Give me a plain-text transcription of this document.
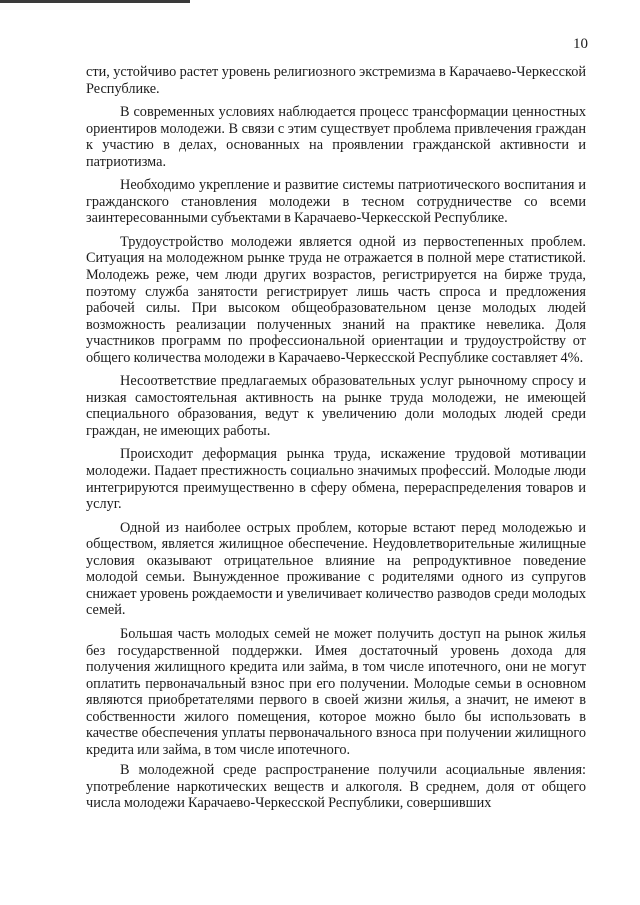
10

сти, устойчиво растет уровень религиозного экстремизма в Карачаево-Черкесской Республике.

В современных условиях наблюдается процесс трансформации ценностных ориентиров молодежи. В связи с этим существует проблема привлечения граждан к участию в делах, основанных на проявлении гражданской активности и патриотизма.

Необходимо укрепление и развитие системы патриотического воспитания и гражданского становления молодежи в тесном сотрудничестве со всеми заинтересованными субъектами в Карачаево-Черкесской Республике.

Трудоустройство молодежи является одной из первостепенных проблем. Ситуация на молодежном рынке труда не отражается в полной мере статистикой. Молодежь реже, чем люди других возрастов, регистрируется на бирже труда, поэтому служба занятости регистрирует лишь часть спроса и предложения рабочей силы. При высоком общеобразовательном цензе молодых людей возможность реализации полученных знаний на практике невелика. Доля участников программ по профессиональной ориентации и трудоустройству от общего количества молодежи в Карачаево-Черкесской Республике составляет 4%.

Несоответствие предлагаемых образовательных услуг рыночному спросу и низкая самостоятельная активность на рынке труда молодежи, не имеющей специального образования, ведут к увеличению доли молодых людей среди граждан, не имеющих работы.

Происходит деформация рынка труда, искажение трудовой мотивации молодежи. Падает престижность социально значимых профессий. Молодые люди интегрируются преимущественно в сферу обмена, перераспределения товаров и услуг.

Одной из наиболее острых проблем, которые встают перед молодежью и обществом, является жилищное обеспечение. Неудовлетворительные жилищные условия оказывают отрицательное влияние на репродуктивное поведение молодой семьи. Вынужденное проживание с родителями одного из супругов снижает уровень рождаемости и увеличивает количество разводов среди молодых семей.

Большая часть молодых семей не может получить доступ на рынок жилья без государственной поддержки. Имея достаточный уровень дохода для получения жилищного кредита или займа, в том числе ипотечного, они не могут оплатить первоначальный взнос при его получении. Молодые семьи в основном являются приобретателями первого в своей жизни жилья, а значит, не имеют в собственности жилого помещения, которое можно было бы использовать в качестве обеспечения уплаты первоначального взноса при получении жилищного кредита или займа, в том числе ипотечного.

В молодежной среде распространение получили асоциальные явления: употребление наркотических веществ и алкоголя. В среднем, доля от общего числа молодежи Карачаево-Черкесской Республики, совершивших
